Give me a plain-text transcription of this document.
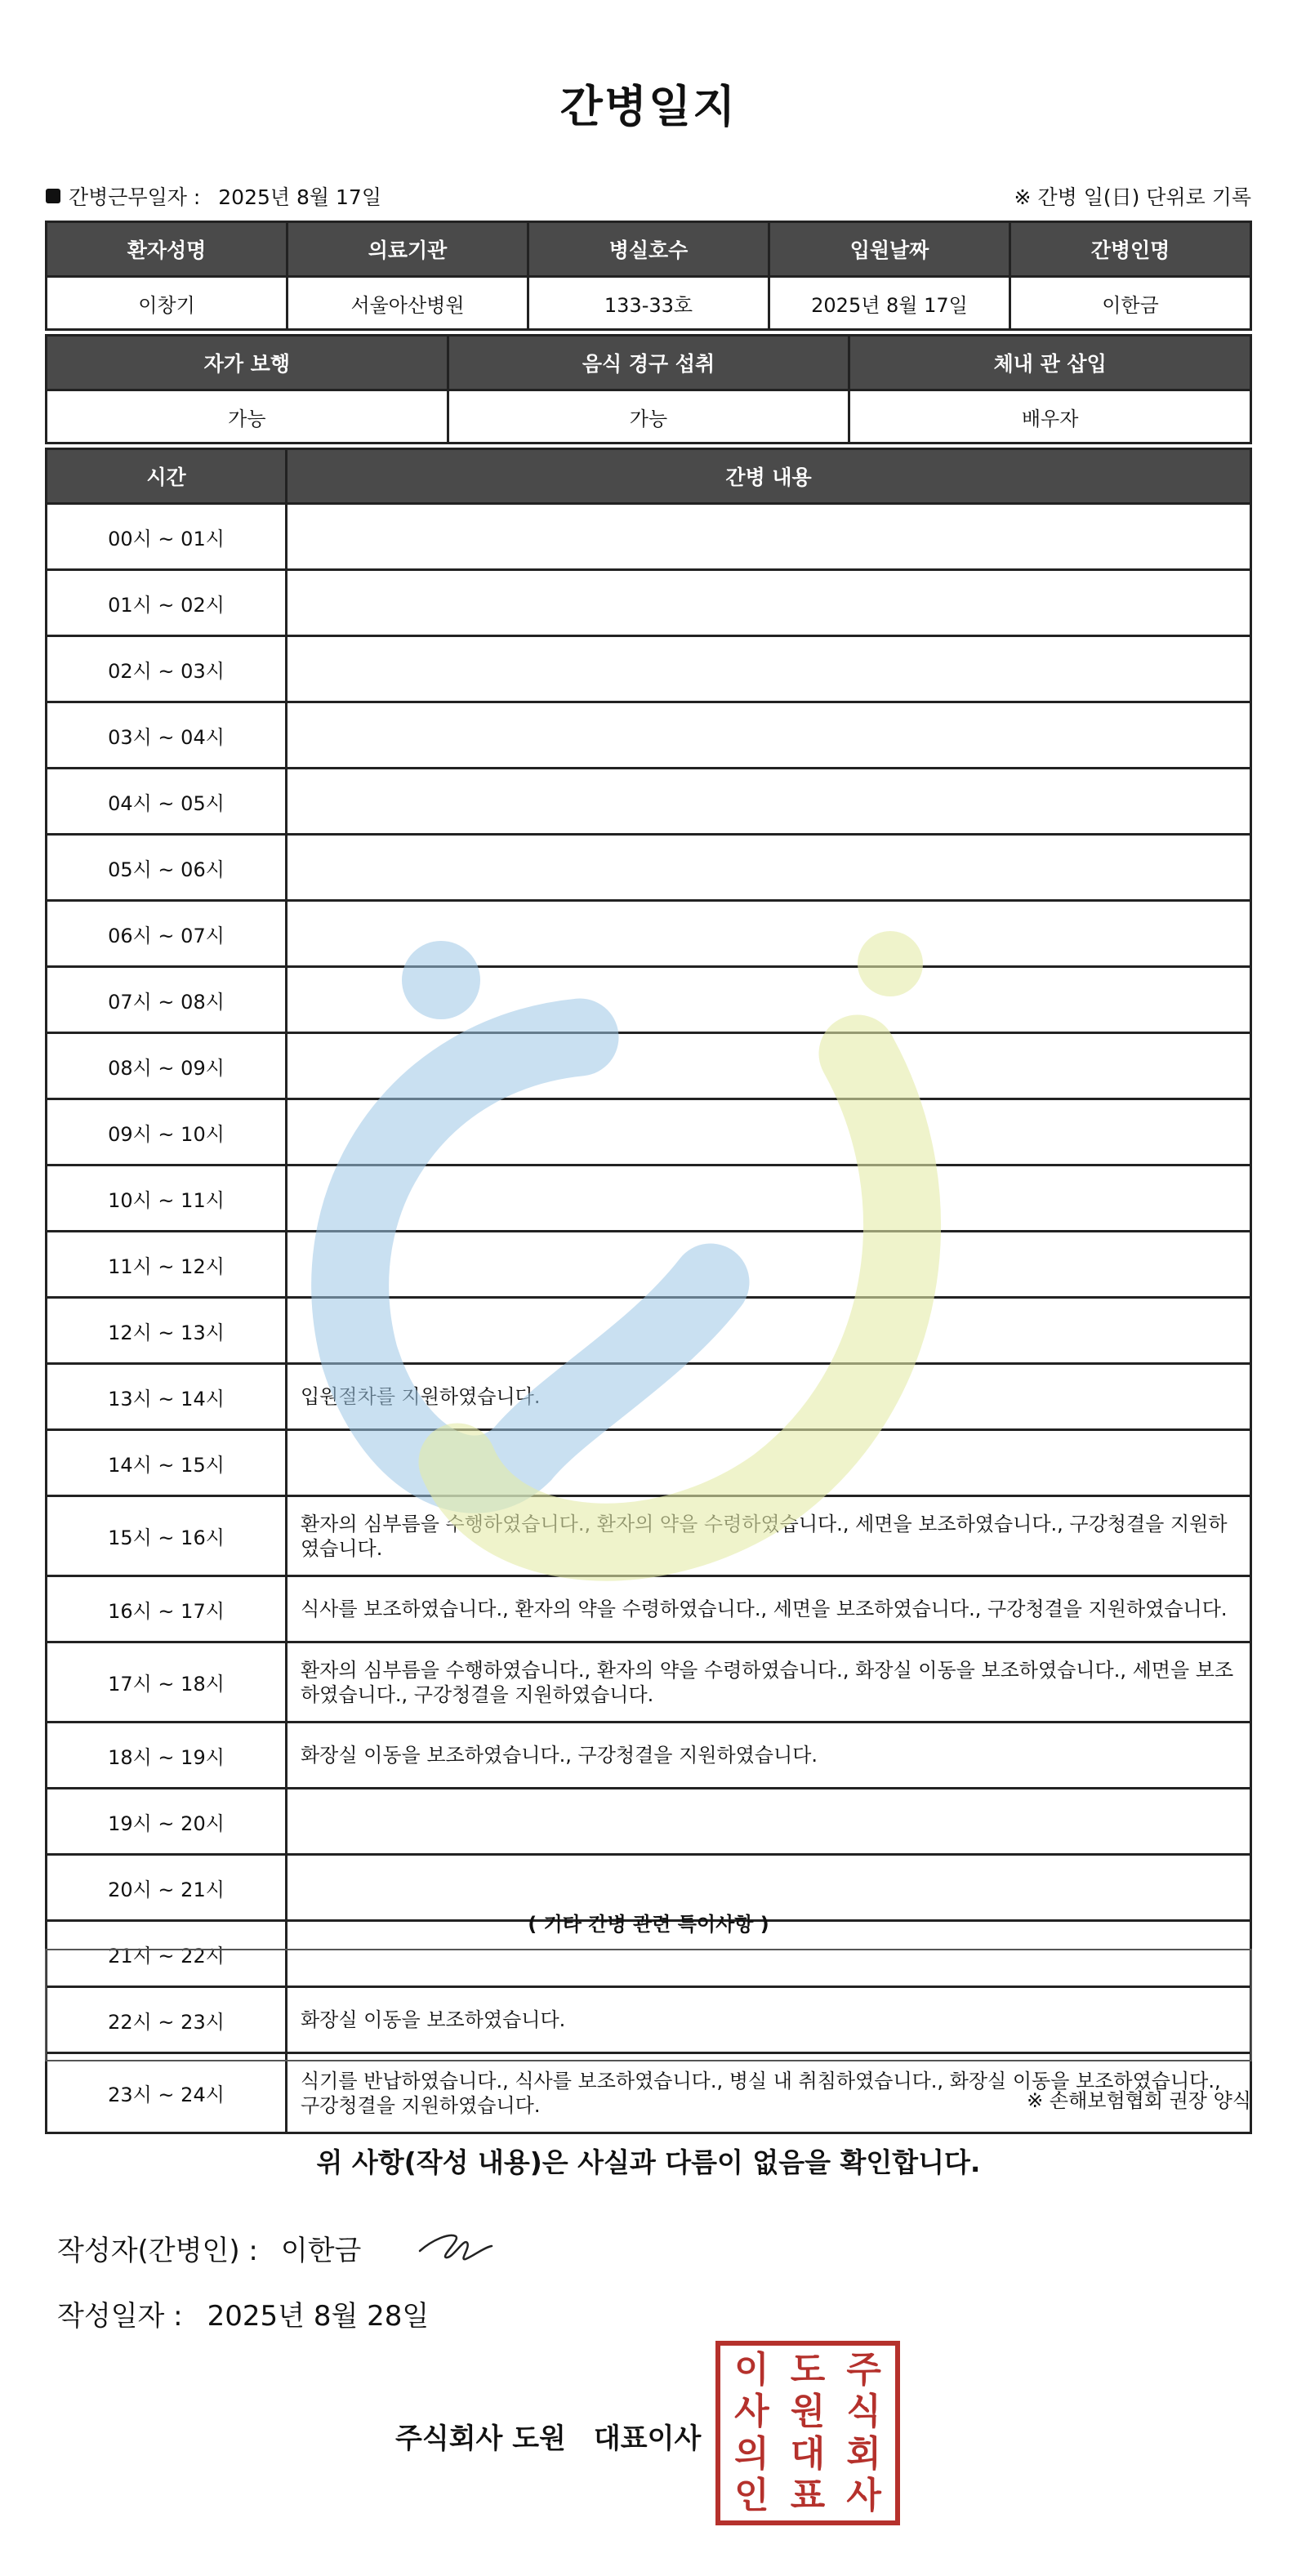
간병일지
간병근무일자 : 2025년 8월 17일	※ 간병 일(日) 단위로 기록
환자성명	의료기관	병실호수	입원날짜	간병인명
이창기	서울아산병원	133-33호	2025년 8월 17일	이한금
자가 보행	음식 경구 섭취	체내 관 삽입
가능	가능	배우자
시간	간병 내용
00시 ~ 01시	
01시 ~ 02시	
02시 ~ 03시	
03시 ~ 04시	
04시 ~ 05시	
05시 ~ 06시	
06시 ~ 07시	
07시 ~ 08시	
08시 ~ 09시	
09시 ~ 10시	
10시 ~ 11시	
11시 ~ 12시	
12시 ~ 13시	
13시 ~ 14시	입원절차를 지원하였습니다.
14시 ~ 15시	
15시 ~ 16시	환자의 심부름을 수행하였습니다., 환자의 약을 수령하였습니다., 세면을 보조하였습니다., 구강청결을 지원하였습니다.
16시 ~ 17시	식사를 보조하였습니다., 환자의 약을 수령하였습니다., 세면을 보조하였습니다., 구강청결을 지원하였습니다.
17시 ~ 18시	환자의 심부름을 수행하였습니다., 환자의 약을 수령하였습니다., 화장실 이동을 보조하였습니다., 세면을 보조하였습니다., 구강청결을 지원하였습니다.
18시 ~ 19시	화장실 이동을 보조하였습니다., 구강청결을 지원하였습니다.
19시 ~ 20시	
20시 ~ 21시	
21시 ~ 22시	
22시 ~ 23시	화장실 이동을 보조하였습니다.
23시 ~ 24시	식기를 반납하였습니다., 식사를 보조하였습니다., 병실 내 취침하였습니다., 화장실 이동을 보조하였습니다., 구강청결을 지원하였습니다.
( 기타 간병 관련 특이사항 )
※ 손해보험협회 권장 양식
위 사항(작성 내용)은 사실과 다름이 없음을 확인합니다.
작성자(간병인) : 이한금
작성일자 : 2025년 8월 28일
주식회사 도원 대표이사
이 도 주
사 원 식
의 대 회
인 표 사
